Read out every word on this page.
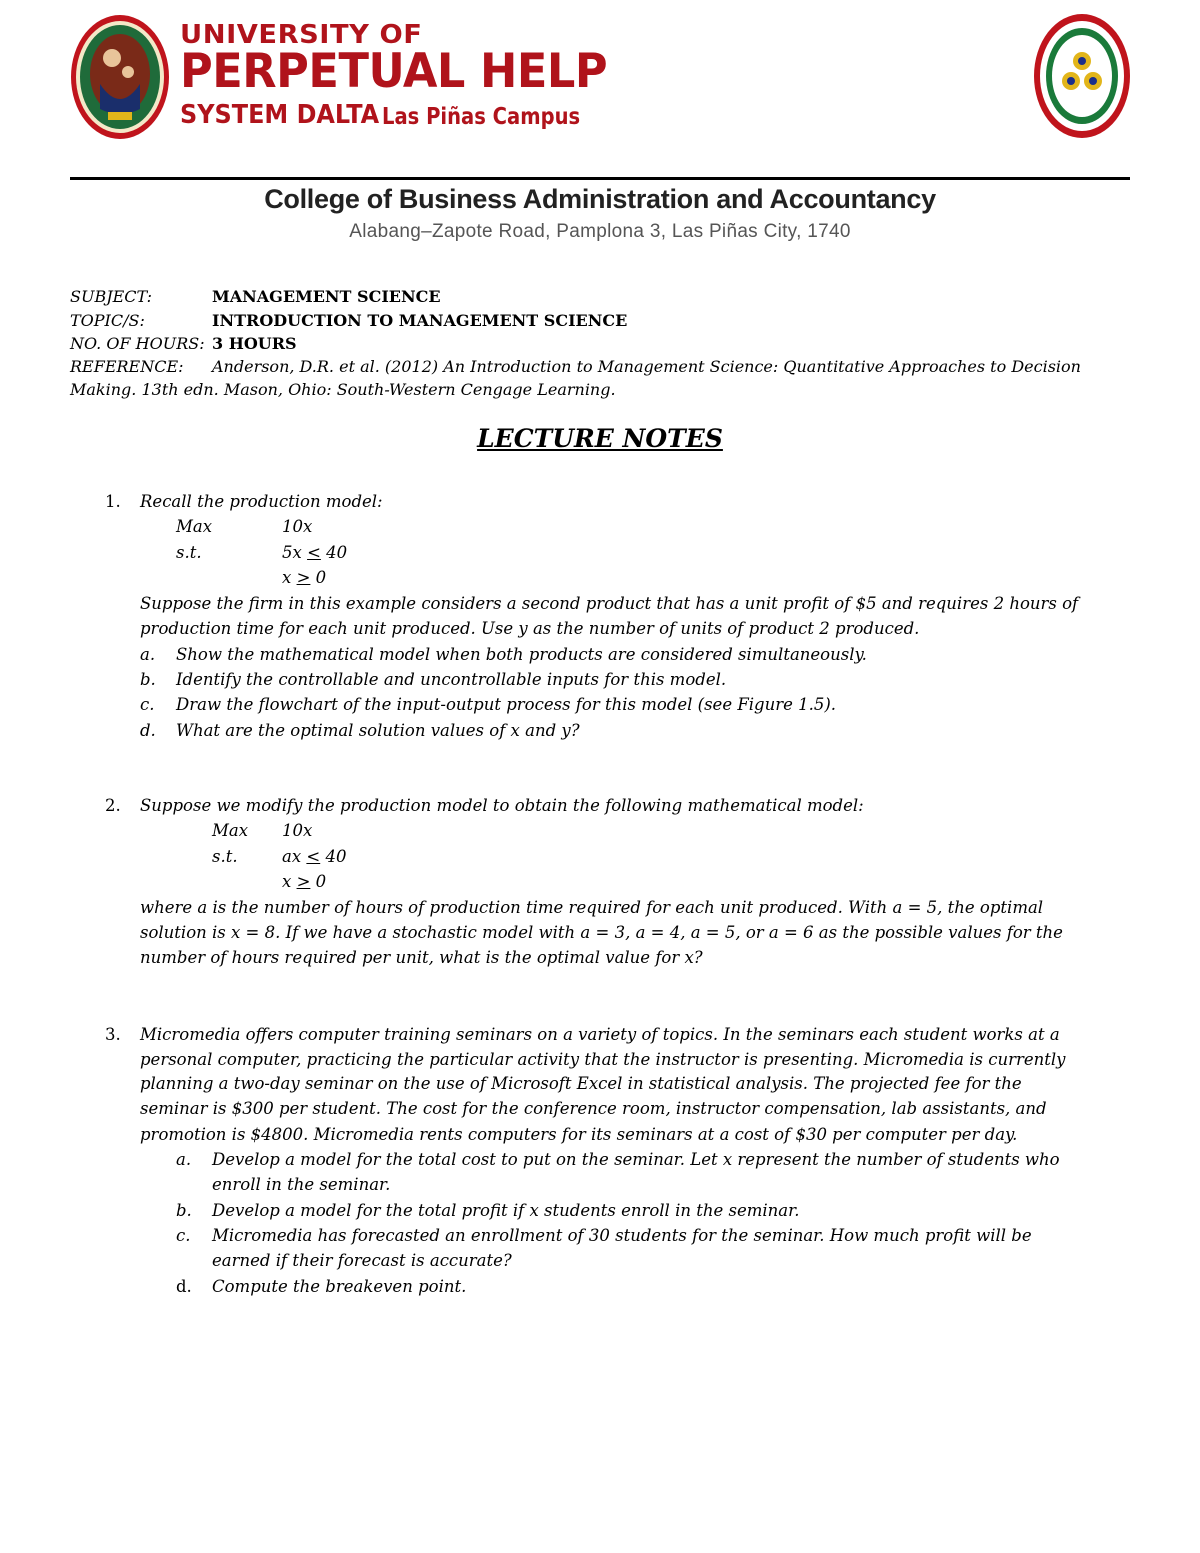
UNIVERSITY OF
PERPETUAL HELP
SYSTEM DALTA Las Piñas Campus
College of Business Administration and Accountancy
Alabang–Zapote Road, Pamplona 3, Las Piñas City, 1740
SUBJECT:	MANAGEMENT SCIENCE
TOPIC/S:	INTRODUCTION TO MANAGEMENT SCIENCE
NO. OF HOURS: 3 HOURS
REFERENCE: Anderson, D.R. et al. (2012) An Introduction to Management Science: Quantitative Approaches to Decision
Making. 13th edn. Mason, Ohio: South-Western Cengage Learning.
LECTURE NOTES
1. Recall the production model:
Max	10x
s.t.	5x < 40
x > 0
Suppose the firm in this example considers a second product that has a unit profit of $5 and requires 2 hours of
production time for each unit produced. Use y as the number of units of product 2 produced.
a. Show the mathematical model when both products are considered simultaneously.
b. Identify the controllable and uncontrollable inputs for this model.
c. Draw the flowchart of the input-output process for this model (see Figure 1.5).
d. What are the optimal solution values of x and y?
2. Suppose we modify the production model to obtain the following mathematical model:
Max 10x
s.t.	ax < 40
x > 0
where a is the number of hours of production time required for each unit produced. With a = 5, the optimal
solution is x = 8. If we have a stochastic model with a = 3, a = 4, a = 5, or a = 6 as the possible values for the
number of hours required per unit, what is the optimal value for x?
3. Micromedia offers computer training seminars on a variety of topics. In the seminars each student works at a
personal computer, practicing the particular activity that the instructor is presenting. Micromedia is currently
planning a two-day seminar on the use of Microsoft Excel in statistical analysis. The projected fee for the
seminar is $300 per student. The cost for the conference room, instructor compensation, lab assistants, and
promotion is $4800. Micromedia rents computers for its seminars at a cost of $30 per computer per day.
a. Develop a model for the total cost to put on the seminar. Let x represent the number of students who
enroll in the seminar.
b. Develop a model for the total profit if x students enroll in the seminar.
c. Micromedia has forecasted an enrollment of 30 students for the seminar. How much profit will be
earned if their forecast is accurate?
d. Compute the breakeven point.
